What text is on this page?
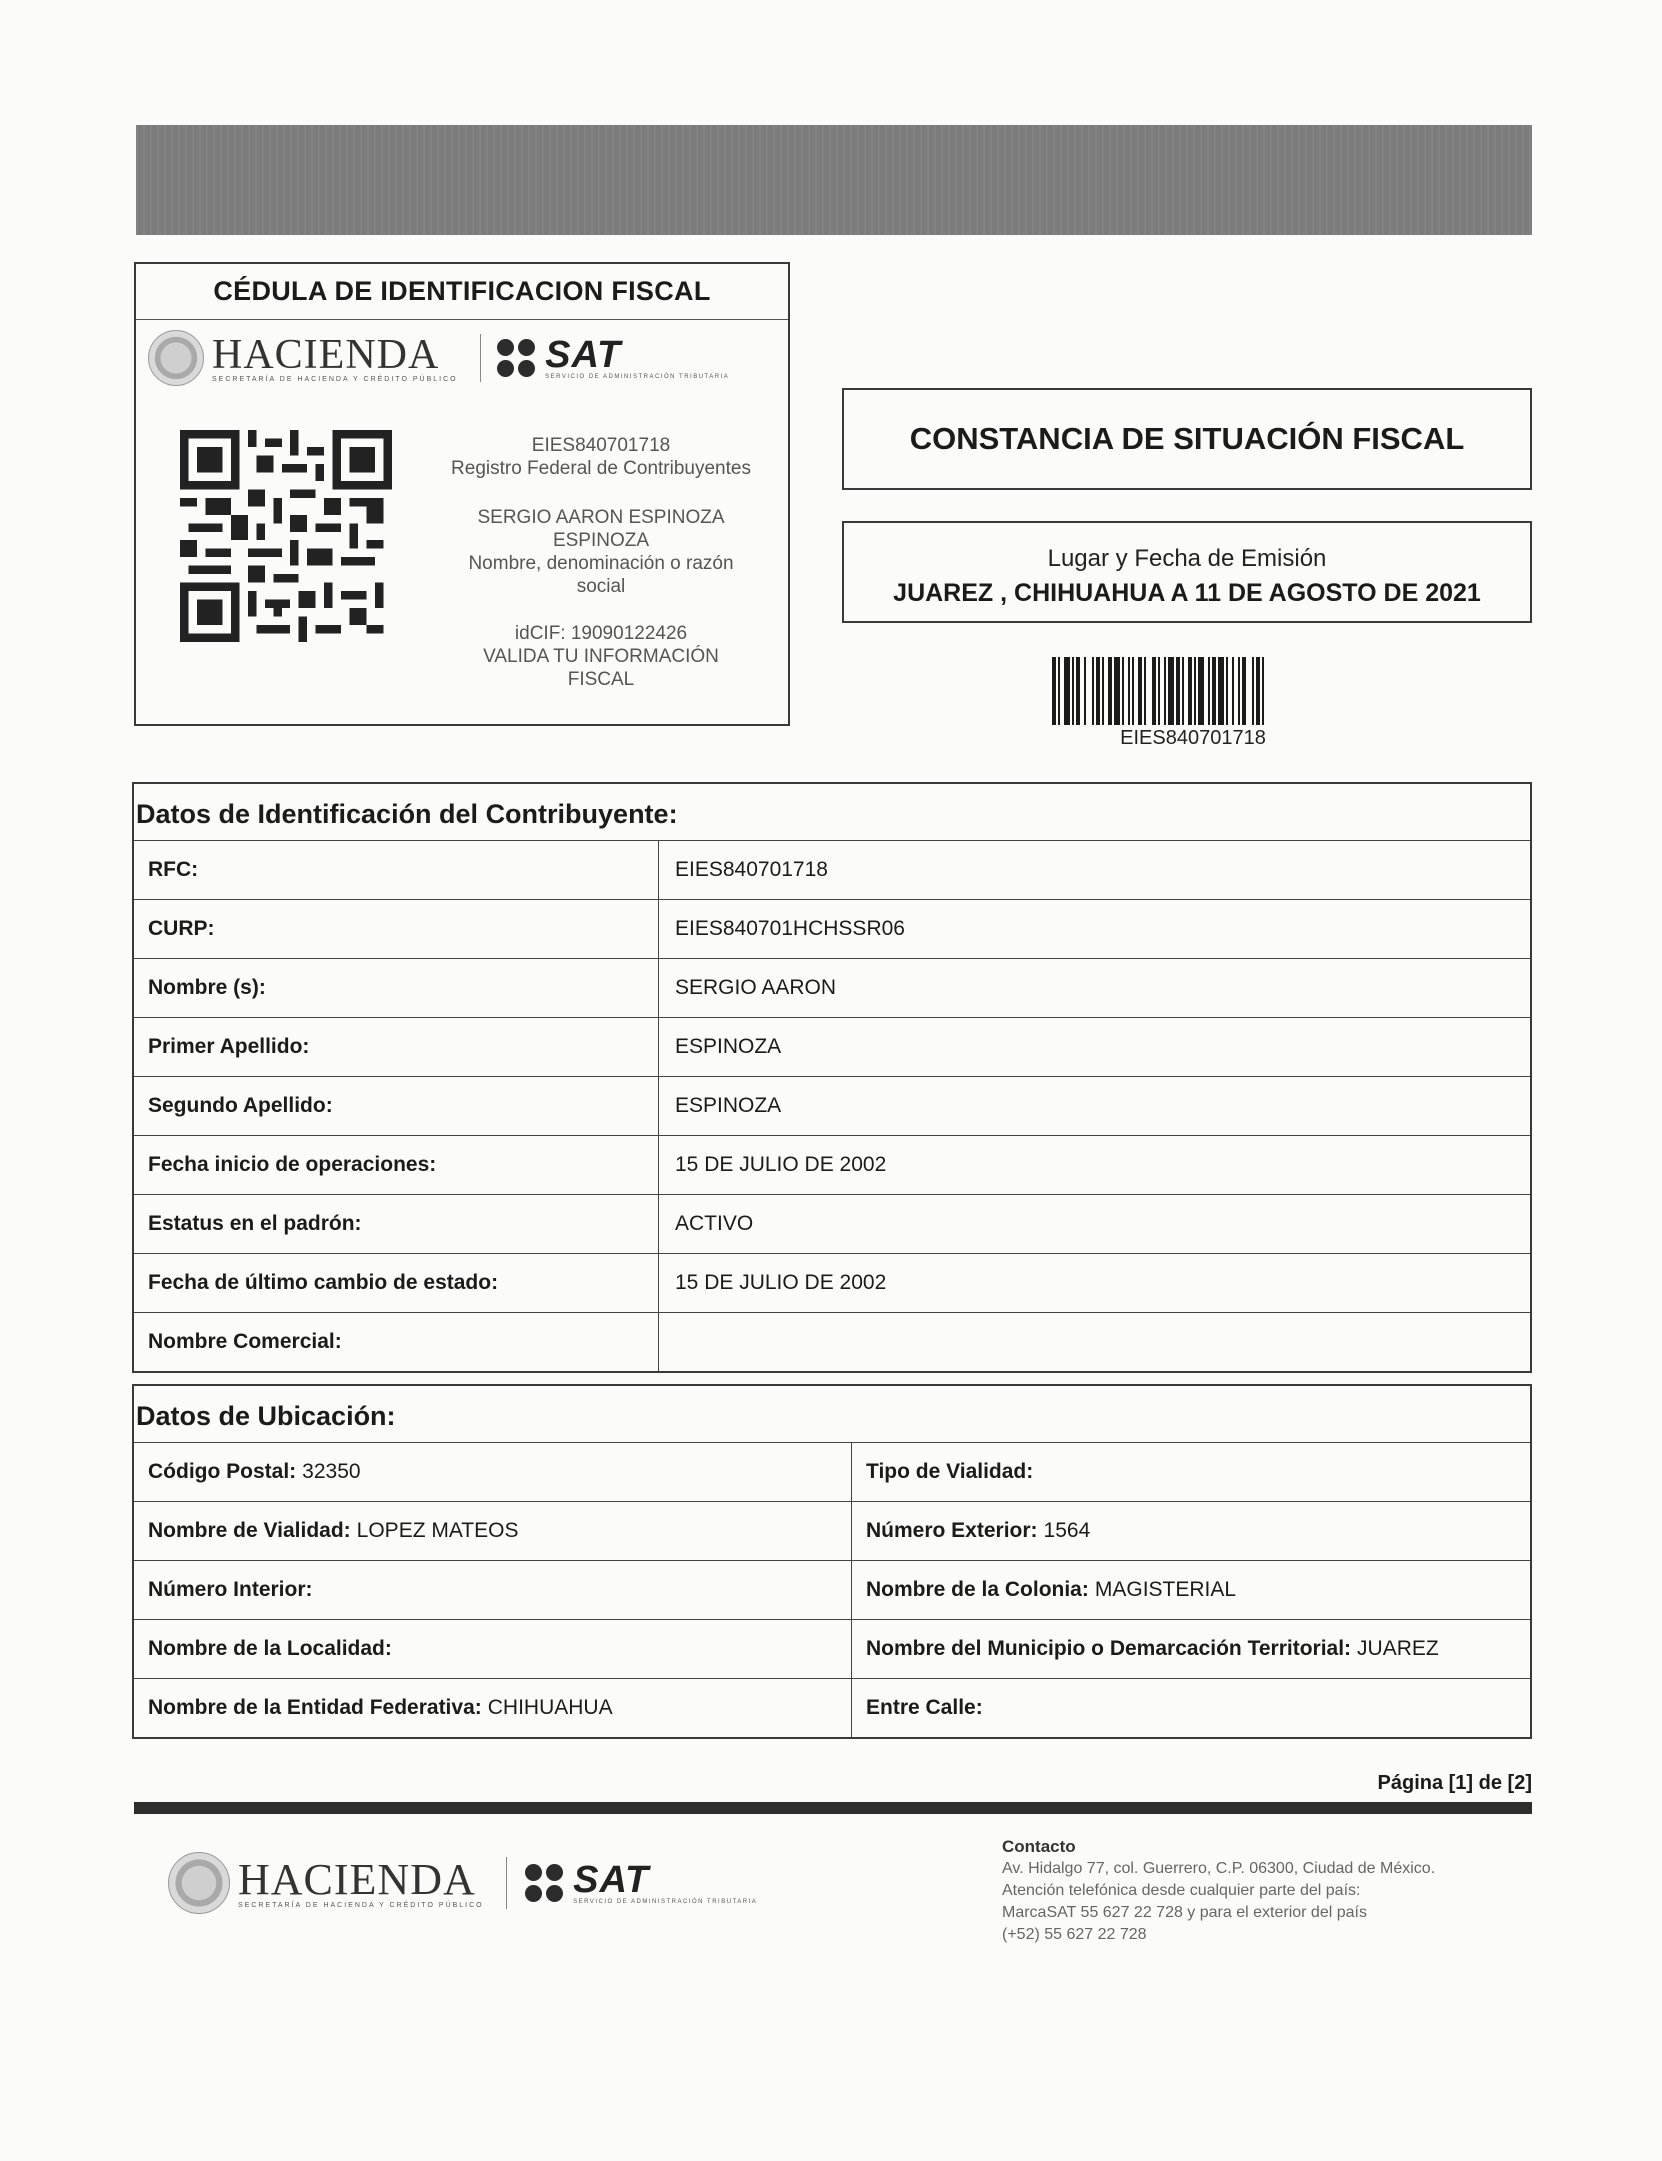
CÉDULA DE IDENTIFICACION FISCAL
HACIENDA
SECRETARÍA DE HACIENDA Y CRÉDITO PÚBLICO
SAT
SERVICIO DE ADMINISTRACIÓN TRIBUTARIA
EIES840701718
Registro Federal de Contribuyentes
SERGIO AARON ESPINOZA
ESPINOZA
Nombre, denominación o razón
social
idCIF: 19090122426
VALIDA TU INFORMACIÓN
FISCAL
CONSTANCIA DE SITUACIÓN FISCAL
Lugar y Fecha de Emisión
JUAREZ , CHIHUAHUA A 11 DE AGOSTO DE 2021
EIES840701718
Datos de Identificación del Contribuyente:
RFC:	EIES840701718
CURP:	EIES840701HCHSSR06
Nombre (s):	SERGIO AARON
Primer Apellido:	ESPINOZA
Segundo Apellido:	ESPINOZA
Fecha inicio de operaciones:	15 DE JULIO DE 2002
Estatus en el padrón:	ACTIVO
Fecha de último cambio de estado:	15 DE JULIO DE 2002
Nombre Comercial:
Datos de Ubicación:
Código Postal: 32350	Tipo de Vialidad:
Nombre de Vialidad: LOPEZ MATEOS	Número Exterior: 1564
Número Interior:	Nombre de la Colonia: MAGISTERIAL
Nombre de la Localidad:	Nombre del Municipio o Demarcación Territorial: JUAREZ
Nombre de la Entidad Federativa: CHIHUAHUA	Entre Calle:
Página [1] de [2]
HACIENDA
SECRETARÍA DE HACIENDA Y CRÉDITO PÚBLICO
SAT
SERVICIO DE ADMINISTRACIÓN TRIBUTARIA
Contacto
Av. Hidalgo 77, col. Guerrero, C.P. 06300, Ciudad de México.
Atención telefónica desde cualquier parte del país:
MarcaSAT 55 627 22 728 y para el exterior del país
(+52) 55 627 22 728
